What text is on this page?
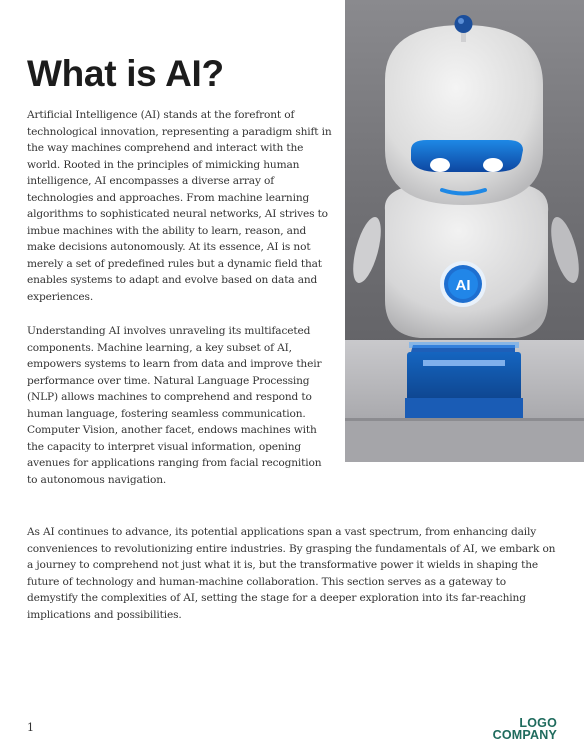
AI
What is AI?

Artificial Intelligence (AI) stands at the forefront of technological innovation, representing a paradigm shift in the way machines comprehend and interact with the world. Rooted in the principles of mimicking human intelligence, AI encompasses a diverse array of technologies and approaches. From machine learning algorithms to sophisticated neural networks, AI strives to imbue machines with the ability to learn, reason, and make decisions autonomously. At its essence, AI is not merely a set of predefined rules but a dynamic field that enables systems to adapt and evolve based on data and experiences.

Understanding AI involves unraveling its multifaceted components. Machine learning, a key subset of AI, empowers systems to learn from data and improve their performance over time. Natural Language Processing (NLP) allows machines to comprehend and respond to human language, fostering seamless communication. Computer Vision, another facet, endows machines with the capacity to interpret visual information, opening avenues for applications ranging from facial recognition to autonomous navigation.

As AI continues to advance, its potential applications span a vast spectrum, from enhancing daily conveniences to revolutionizing entire industries. By grasping the fundamentals of AI, we embark on a journey to comprehend not just what it is, but the transformative power it wields in shaping the future of technology and human-machine collaboration. This section serves as a gateway to demystify the complexities of AI, setting the stage for a deeper exploration into its far-reaching implications and possibilities.

1	LOGO
COMPANY
